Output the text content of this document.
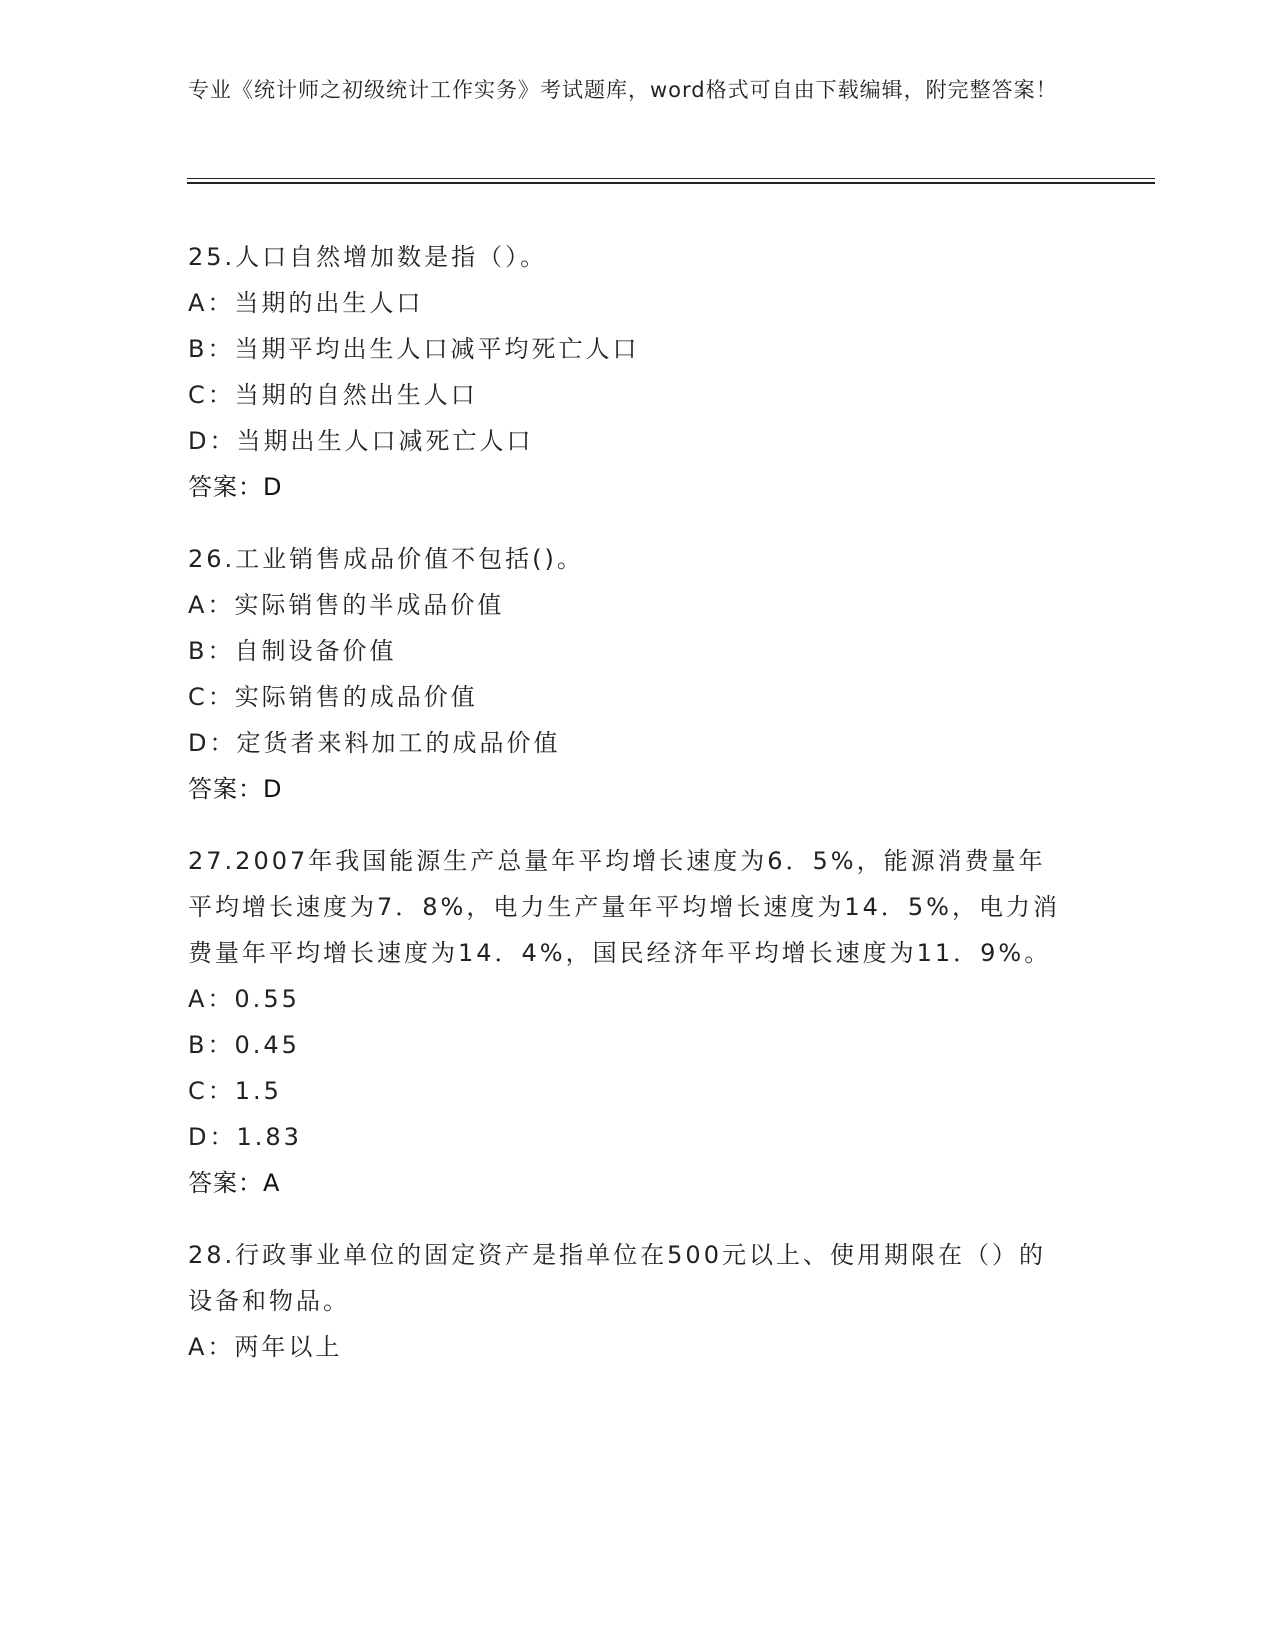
专业《统计师之初级统计工作实务》考试题库，word格式可自由下载编辑，附完整答案！
25.人口自然增加数是指（）。
A：当期的出生人口
B：当期平均出生人口减平均死亡人口
C：当期的自然出生人口
D：当期出生人口减死亡人口
答案：D
26.工业销售成品价值不包括()。
A：实际销售的半成品价值
B：自制设备价值
C：实际销售的成品价值
D：定货者来料加工的成品价值
答案：D
27.2007年我国能源生产总量年平均增长速度为6．5%，能源消费量年平均增长速度为7．8%，电力生产量年平均增长速度为14．5%，电力消费量年平均增长速度为14．4%，国民经济年平均增长速度为11．9%。
A：0.55
B：0.45
C：1.5
D：1.83
答案：A
28.行政事业单位的固定资产是指单位在500元以上、使用期限在（）的设备和物品。
A：两年以上
